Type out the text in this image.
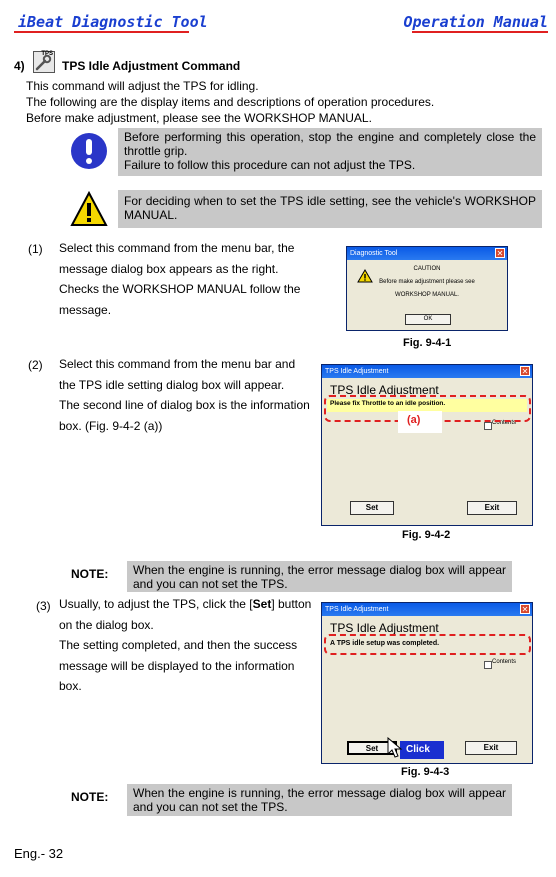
iBeat Diagnostic Tool	Operation Manual
4)
TPS
TPS Idle Adjustment Command
This command will adjust the TPS for idling.
The following are the display items and descriptions of operation procedures.
Before make adjustment, please see the WORKSHOP MANUAL.
Before performing this operation, stop the engine and completely close the throttle grip.
Failure to follow this procedure can not adjust the TPS.
For deciding when to set the TPS idle setting, see the vehicle's WORKSHOP MANUAL.
(1) Select this command from the menu bar, the
message dialog box appears as the right.
Checks the WORKSHOP MANUAL follow the
message.
Diagnostic Tool	✕
CAUTION
Before make adjustment please see
WORKSHOP MANUAL.
OK
Fig. 9-4-1
(2) Select this command from the menu bar and
the TPS idle setting dialog box will appear.
The second line of dialog box is the information
box. (Fig. 9-4-2 (a))
TPS Idle Adjustment	✕
TPS Idle Adjustment
Please fix Throttle to an idle position.
Contents
Set	Exit
(a)
Fig. 9-4-2
NOTE:	When the engine is running, the error message dialog box will appear and you can not set the TPS.
(3) Usually, to adjust the TPS, click the [Set] button
on the dialog box.
The setting completed, and then the success
message will be displayed to the information
box.
TPS Idle Adjustment	✕
TPS Idle Adjustment
A TPS idle setup was completed.
Contents
Set	Exit
Click
Fig. 9-4-3
NOTE:	When the engine is running, the error message dialog box will appear and you can not set the TPS.
Eng.- 32
